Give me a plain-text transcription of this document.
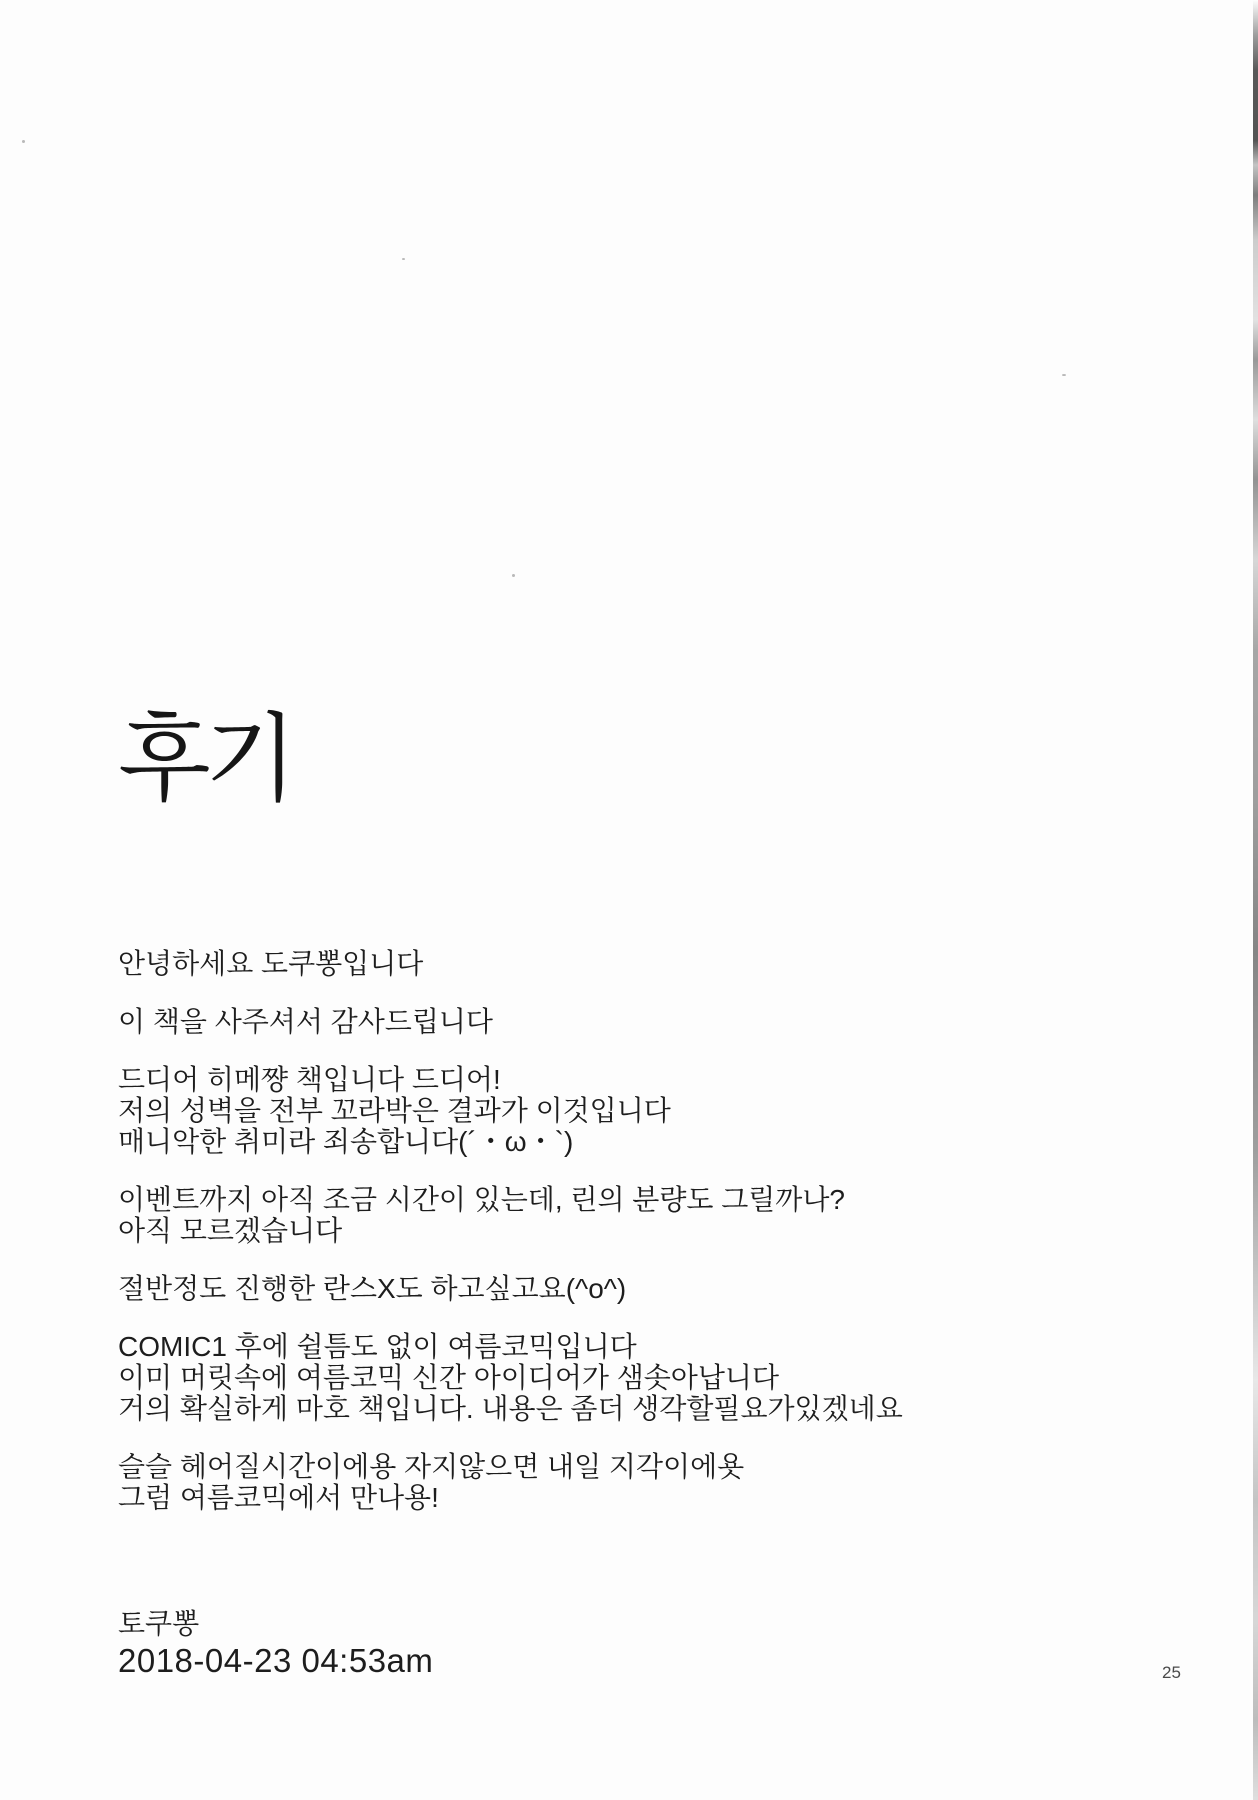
후기

안녕하세요 도쿠뽕입니다

이 책을 사주셔서 감사드립니다

드디어 히메쨩 책입니다 드디어!

저의 성벽을 전부 꼬라박은 결과가 이것입니다

매니악한 취미라 죄송합니다(´・ω・`)

이벤트까지 아직 조금 시간이 있는데, 린의 분량도 그릴까나?

아직 모르겠습니다

절반정도 진행한 란스X도 하고싶고요(^o^)

COMIC1 후에 쉴틈도 없이 여름코믹입니다

이미 머릿속에 여름코믹 신간 아이디어가 샘솟아납니다

거의 확실하게 마호 책입니다. 내용은 좀더 생각할필요가있겠네요

슬슬 헤어질시간이에용 자지않으면 내일 지각이에욧

그럼 여름코믹에서 만나용!

토쿠뽕

2018-04-23 04:53am	25
